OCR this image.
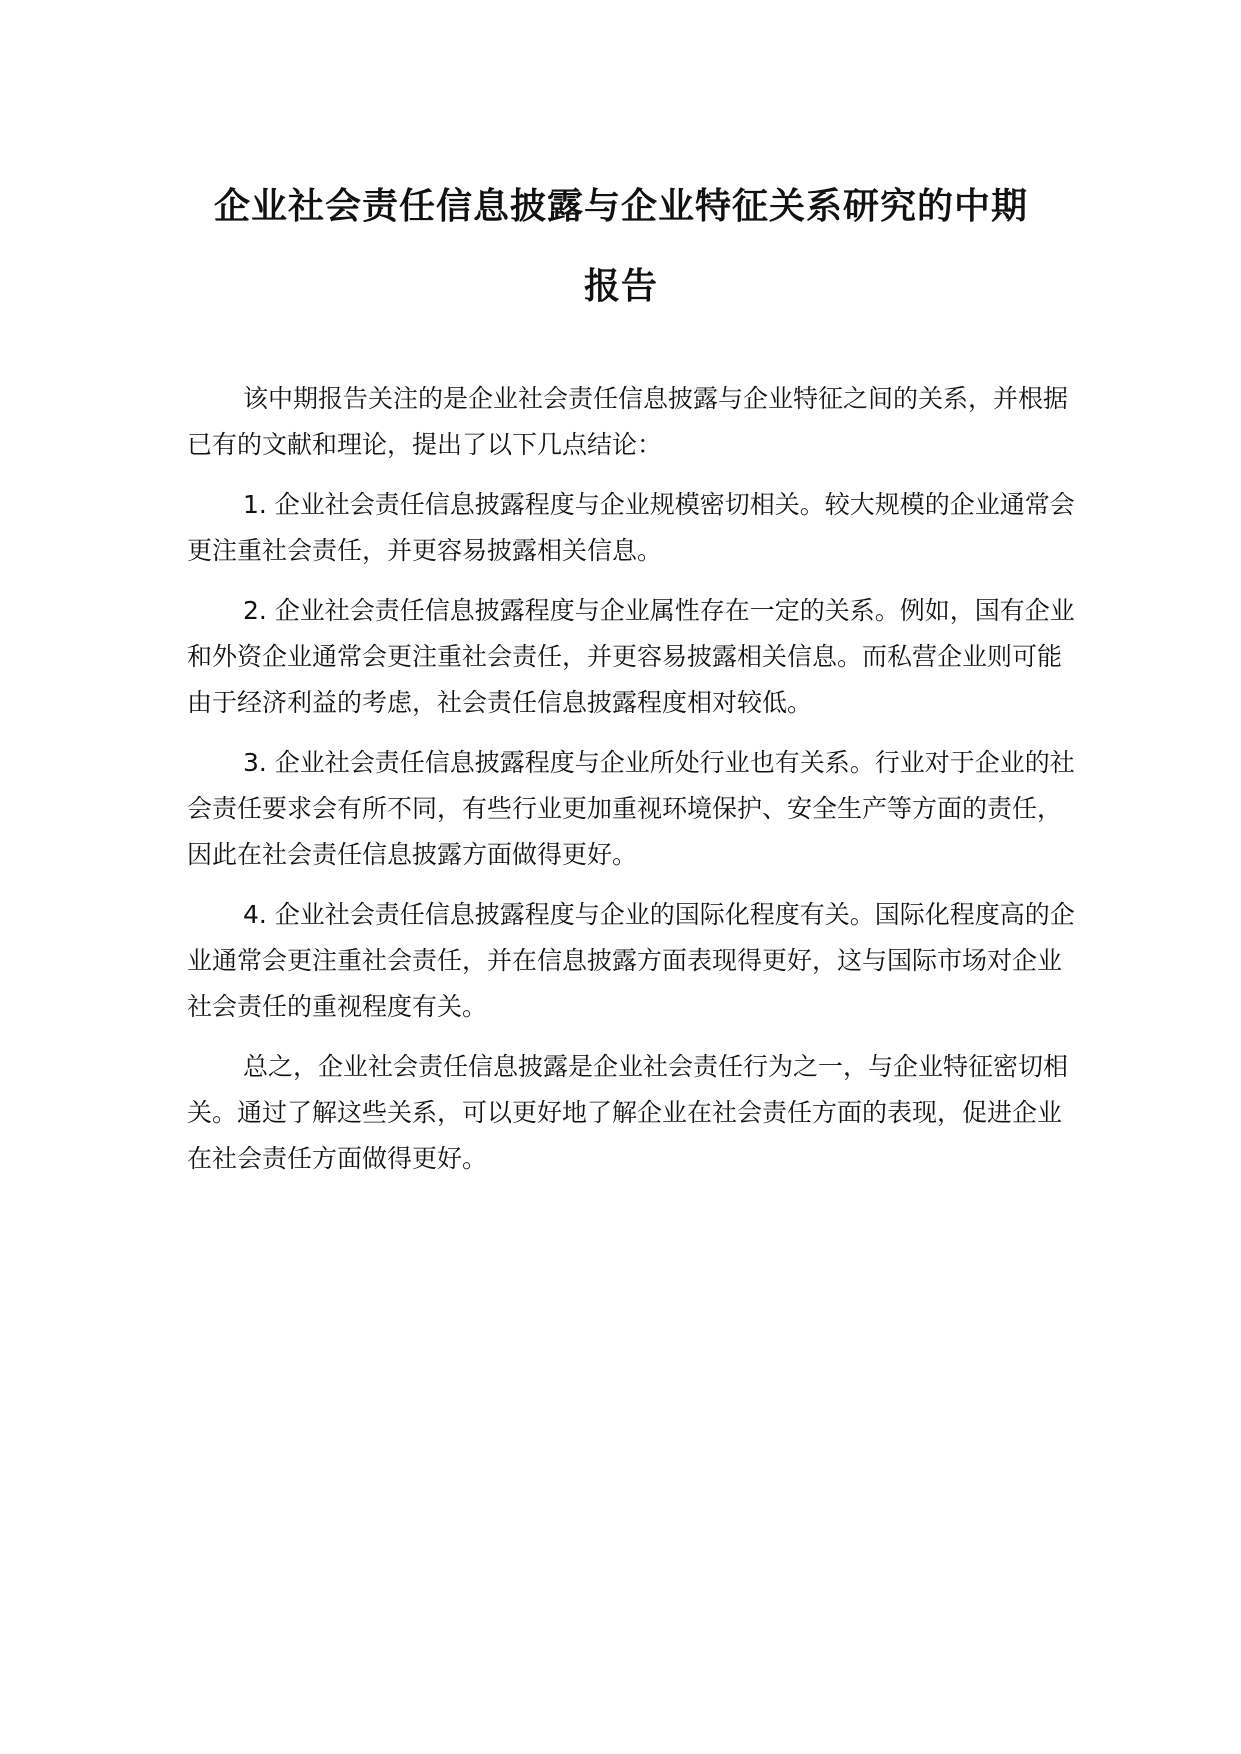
企业社会责任信息披露与企业特征关系研究的中期
报告

该中期报告关注的是企业社会责任信息披露与企业特征之间的关系，并根据已有的文献和理论，提出了以下几点结论：

1. 企业社会责任信息披露程度与企业规模密切相关。较大规模的企业通常会更注重社会责任，并更容易披露相关信息。

2. 企业社会责任信息披露程度与企业属性存在一定的关系。例如，国有企业和外资企业通常会更注重社会责任，并更容易披露相关信息。而私营企业则可能由于经济利益的考虑，社会责任信息披露程度相对较低。

3. 企业社会责任信息披露程度与企业所处行业也有关系。行业对于企业的社会责任要求会有所不同，有些行业更加重视环境保护、安全生产等方面的责任，因此在社会责任信息披露方面做得更好。

4. 企业社会责任信息披露程度与企业的国际化程度有关。国际化程度高的企业通常会更注重社会责任，并在信息披露方面表现得更好，这与国际市场对企业社会责任的重视程度有关。

总之，企业社会责任信息披露是企业社会责任行为之一，与企业特征密切相关。通过了解这些关系，可以更好地了解企业在社会责任方面的表现，促进企业在社会责任方面做得更好。
